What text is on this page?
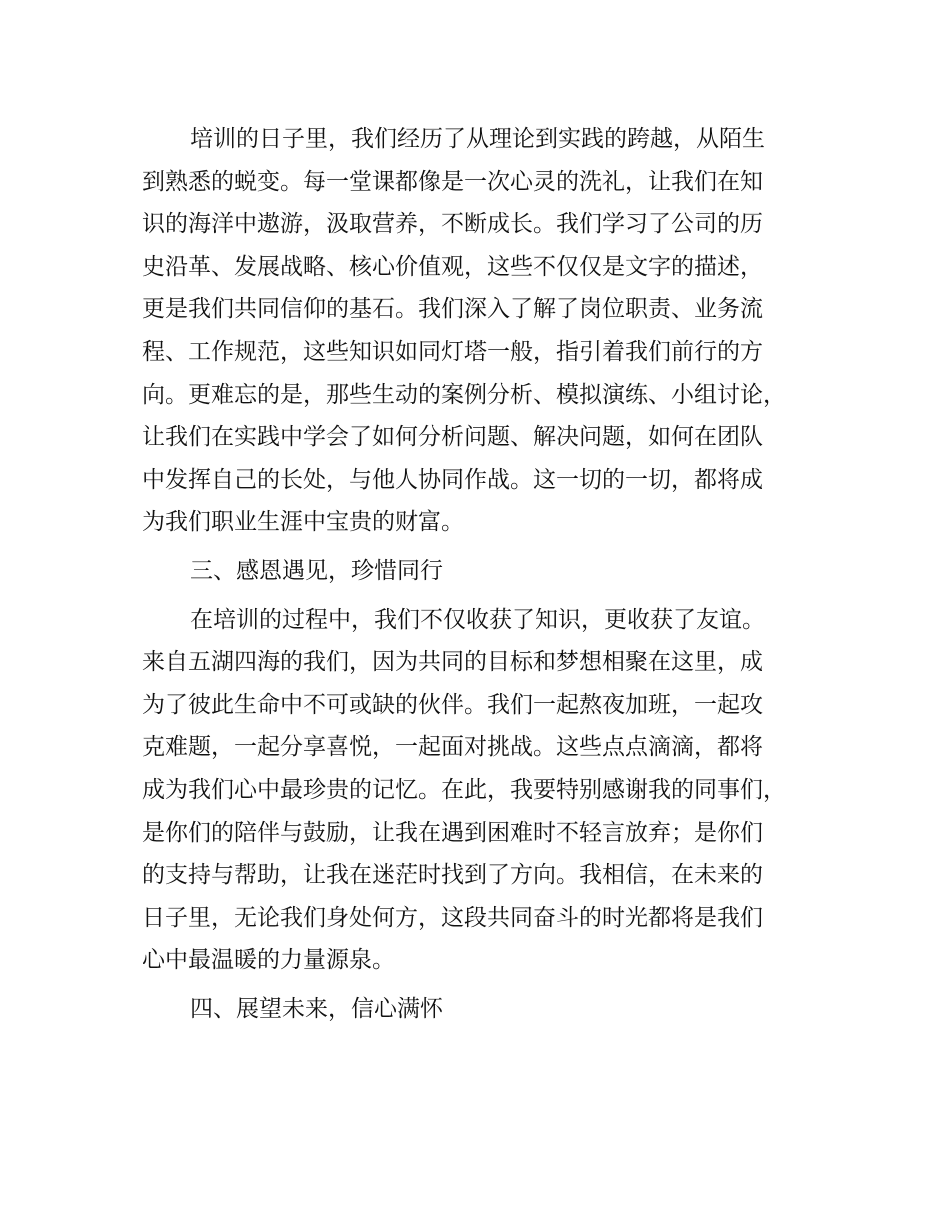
培训的日子里，我们经历了从理论到实践的跨越，从陌生
到熟悉的蜕变。每一堂课都像是一次心灵的洗礼，让我们在知
识的海洋中遨游，汲取营养，不断成长。我们学习了公司的历
史沿革、发展战略、核心价值观，这些不仅仅是文字的描述，
更是我们共同信仰的基石。我们深入了解了岗位职责、业务流
程、工作规范，这些知识如同灯塔一般，指引着我们前行的方
向。更难忘的是，那些生动的案例分析、模拟演练、小组讨论，
让我们在实践中学会了如何分析问题、解决问题，如何在团队
中发挥自己的长处，与他人协同作战。这一切的一切，都将成
为我们职业生涯中宝贵的财富。
三、感恩遇见，珍惜同行
在培训的过程中，我们不仅收获了知识，更收获了友谊。
来自五湖四海的我们，因为共同的目标和梦想相聚在这里，成
为了彼此生命中不可或缺的伙伴。我们一起熬夜加班，一起攻
克难题，一起分享喜悦，一起面对挑战。这些点点滴滴，都将
成为我们心中最珍贵的记忆。在此，我要特别感谢我的同事们，
是你们的陪伴与鼓励，让我在遇到困难时不轻言放弃；是你们
的支持与帮助，让我在迷茫时找到了方向。我相信，在未来的
日子里，无论我们身处何方，这段共同奋斗的时光都将是我们
心中最温暖的力量源泉。
四、展望未来，信心满怀
